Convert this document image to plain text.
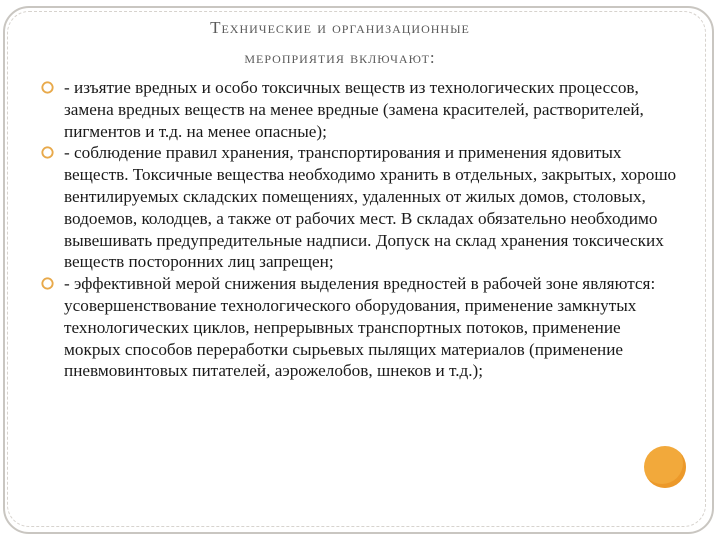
Технические и организационные
мероприятия включают:
- изъятие вредных и особо токсичных веществ из технологических процессов, замена вредных веществ на менее вредные (замена красителей, растворителей, пигментов и т.д. на менее опасные);
- соблюдение правил хранения, транспортирования и применения ядовитых веществ. Токсичные вещества необходимо хранить в отдельных, закрытых, хорошо вентилируемых складских помещениях, удаленных от жилых домов, столовых, водоемов, колодцев, а также от рабочих мест. В складах обязательно необходимо вывешивать предупредительные надписи. Допуск на склад хранения токсических веществ посторонних лиц запрещен;
- эффективной мерой снижения выделения вредностей в рабочей зоне являются: усовершенствование технологического оборудования, применение замкнутых технологических циклов, непрерывных транспортных потоков, применение мокрых способов переработки сырьевых пылящих материалов (применение пневмовинтовых питателей, аэрожелобов, шнеков и т.д.);
